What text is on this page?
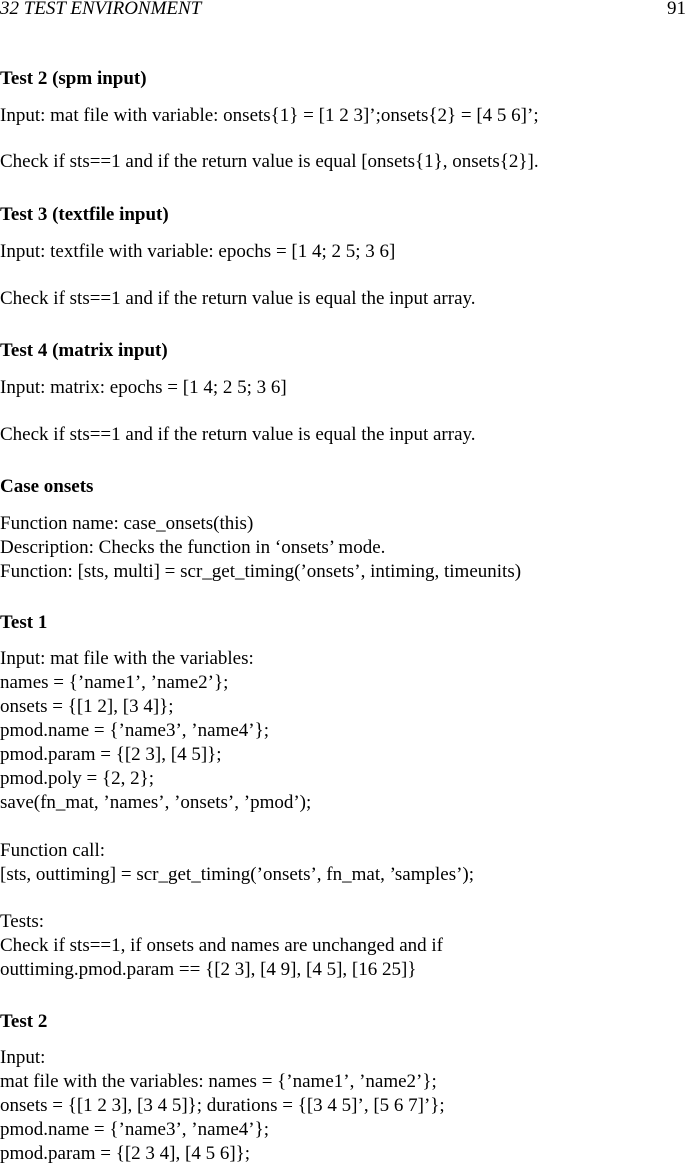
32 TEST ENVIRONMENT	91
Test 2 (spm input)
Input: mat file with variable: onsets{1} = [1 2 3]’;onsets{2} = [4 5 6]’;
Check if sts==1 and if the return value is equal [onsets{1}, onsets{2}].
Test 3 (textfile input)
Input: textfile with variable: epochs = [1 4; 2 5; 3 6]
Check if sts==1 and if the return value is equal the input array.
Test 4 (matrix input)
Input: matrix: epochs = [1 4; 2 5; 3 6]
Check if sts==1 and if the return value is equal the input array.
Case onsets
Function name: case_onsets(this)
Description: Checks the function in ‘onsets’ mode.
Function: [sts, multi] = scr_get_timing(’onsets’, intiming, timeunits)
Test 1
Input: mat file with the variables:
names = {’name1’, ’name2’};
onsets = {[1 2], [3 4]};
pmod.name = {’name3’, ’name4’};
pmod.param = {[2 3], [4 5]};
pmod.poly = {2, 2};
save(fn_mat, ’names’, ’onsets’, ’pmod’);
Function call:
[sts, outtiming] = scr_get_timing(’onsets’, fn_mat, ’samples’);
Tests:
Check if sts==1, if onsets and names are unchanged and if
outtiming.pmod.param == {[2 3], [4 9], [4 5], [16 25]}
Test 2
Input:
mat file with the variables: names = {’name1’, ’name2’};
onsets = {[1 2 3], [3 4 5]}; durations = {[3 4 5]’, [5 6 7]’};
pmod.name = {’name3’, ’name4’};
pmod.param = {[2 3 4], [4 5 6]};
